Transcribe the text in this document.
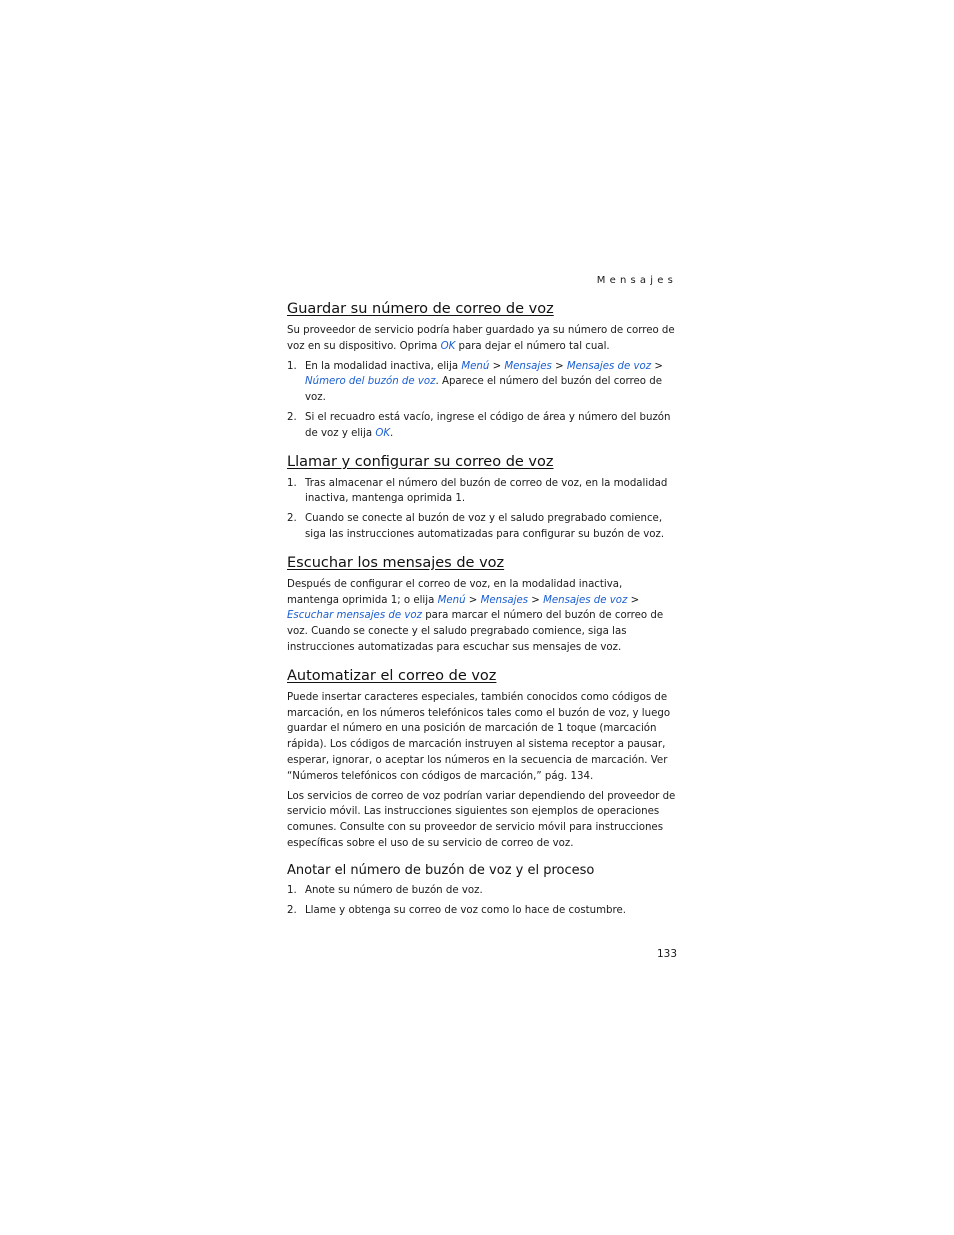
Mensajes
Guardar su número de correo de voz

Su proveedor de servicio podría haber guardado ya su número de correo de voz en su dispositivo. Oprima OK para dejar el número tal cual.

1. En la modalidad inactiva, elija Menú > Mensajes > Mensajes de voz > Número del buzón de voz. Aparece el número del buzón del correo de voz.
2. Si el recuadro está vacío, ingrese el código de área y número del buzón de voz y elija OK.
Llamar y configurar su correo de voz
1. Tras almacenar el número del buzón de correo de voz, en la modalidad inactiva, mantenga oprimida 1.
2. Cuando se conecte al buzón de voz y el saludo pregrabado comience, siga las instrucciones automatizadas para configurar su buzón de voz.
Escuchar los mensajes de voz

Después de configurar el correo de voz, en la modalidad inactiva, mantenga oprimida 1; o elija Menú > Mensajes > Mensajes de voz > Escuchar mensajes de voz para marcar el número del buzón de correo de voz. Cuando se conecte y el saludo pregrabado comience, siga las instrucciones automatizadas para escuchar sus mensajes de voz.

Automatizar el correo de voz

Puede insertar caracteres especiales, también conocidos como códigos de marcación, en los números telefónicos tales como el buzón de voz, y luego guardar el número en una posición de marcación de 1 toque (marcación rápida). Los códigos de marcación instruyen al sistema receptor a pausar, esperar, ignorar, o aceptar los números en la secuencia de marcación. Ver “Números telefónicos con códigos de marcación,” pág. 134.

Los servicios de correo de voz podrían variar dependiendo del proveedor de servicio móvil. Las instrucciones siguientes son ejemplos de operaciones comunes. Consulte con su proveedor de servicio móvil para instrucciones específicas sobre el uso de su servicio de correo de voz.

Anotar el número de buzón de voz y el proceso
1. Anote su número de buzón de voz.
2. Llame y obtenga su correo de voz como lo hace de costumbre.
133
